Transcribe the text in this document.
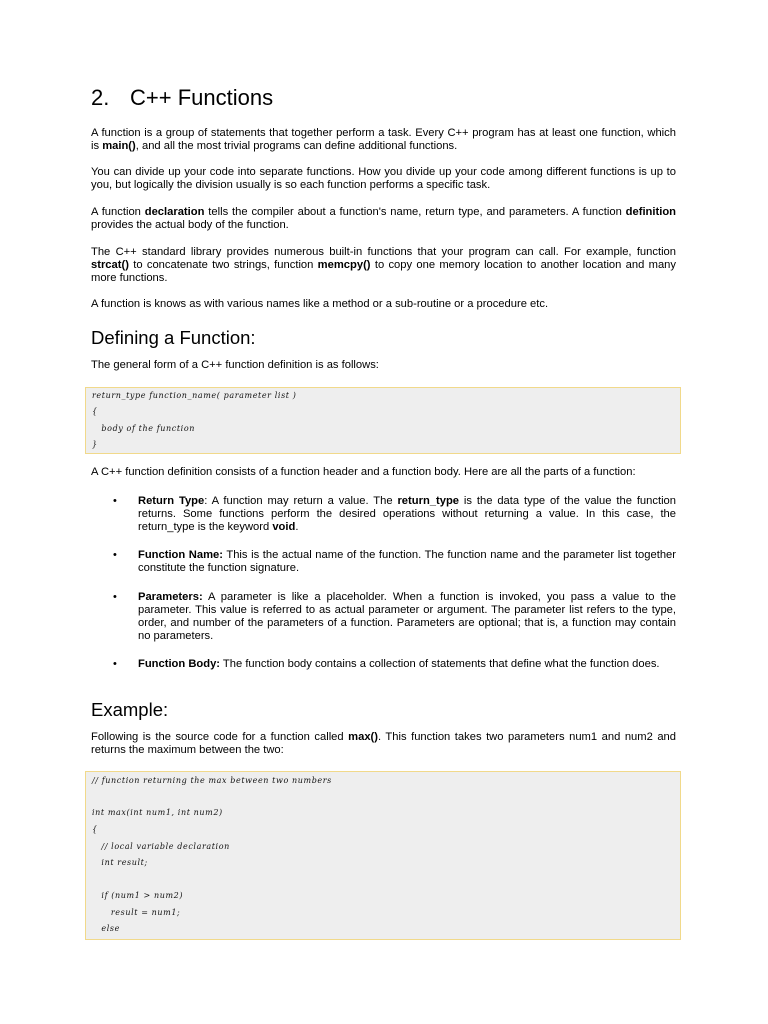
2. C++ Functions

A function is a group of statements that together perform a task. Every C++ program has at least one function, which is main(), and all the most trivial programs can define additional functions.

You can divide up your code into separate functions. How you divide up your code among different functions is up to you, but logically the division usually is so each function performs a specific task.

A function declaration tells the compiler about a function's name, return type, and parameters. A function definition provides the actual body of the function.

The C++ standard library provides numerous built-in functions that your program can call. For example, function strcat() to concatenate two strings, function memcpy() to copy one memory location to another location and many more functions.

A function is knows as with various names like a method or a sub-routine or a procedure etc.

Defining a Function:

The general form of a C++ function definition is as follows:

return_type function_name( parameter list )
{
body of the function
}

A C++ function definition consists of a function header and a function body. Here are all the parts of a function:

• Return Type: A function may return a value. The return_type is the data type of the value the function returns. Some functions perform the desired operations without returning a value. In this case, the return_type is the keyword void.

• Function Name: This is the actual name of the function. The function name and the parameter list together constitute the function signature.

• Parameters: A parameter is like a placeholder. When a function is invoked, you pass a value to the parameter. This value is referred to as actual parameter or argument. The parameter list refers to the type, order, and number of the parameters of a function. Parameters are optional; that is, a function may contain no parameters.

• Function Body: The function body contains a collection of statements that define what the function does.

Example:

Following is the source code for a function called max(). This function takes two parameters num1 and num2 and returns the maximum between the two:

// function returning the max between two numbers
int max(int num1, int num2)
{
// local variable declaration
int result;
if (num1 > num2)
result = num1;
else
